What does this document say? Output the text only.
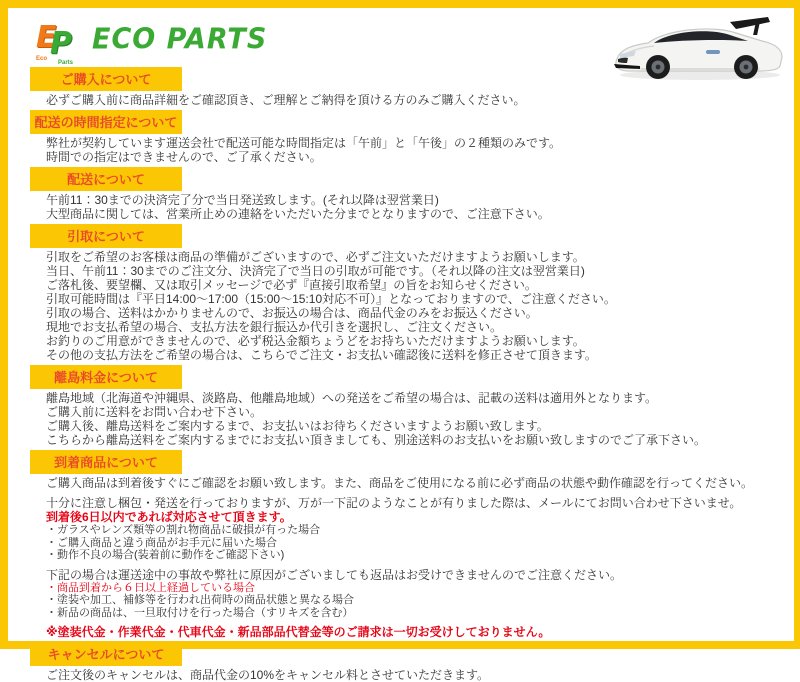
E
P
Eco
Parts
ECO PARTS
ご購入について

必ずご購入前に商品詳細をご確認頂き、ご理解とご納得を頂ける方のみご購入ください。

配送の時間指定について

弊社が契約しています運送会社で配送可能な時間指定は「午前」と「午後」の２種類のみです。

時間での指定はできませんので、ご了承ください。

配送について

午前11：30までの決済完了分で当日発送致します。(それ以降は翌営業日)

大型商品に関しては、営業所止めの連絡をいただいた分までとなりますので、ご注意下さい。

引取について

引取をご希望のお客様は商品の準備がございますので、必ずご注文いただけますようお願いします。

当日、午前11：30までのご注文分、決済完了で当日の引取が可能です。（それ以降の注文は翌営業日)

ご落札後、要望欄、又は取引メッセージで必ず『直接引取希望』の旨をお知らせください。

引取可能時間は『平日14:00～17:00（15:00～15:10対応不可）』となっておりますので、ご注意ください。

引取の場合、送料はかかりませんので、お振込の場合は、商品代金のみをお振込ください。

現地でお支払希望の場合、支払方法を銀行振込か代引きを選択し、ご注文ください。

お釣りのご用意ができませんので、必ず税込金額ちょうどをお持ちいただけますようお願いします。

その他の支払方法をご希望の場合は、こちらでご注文・お支払い確認後に送料を修正させて頂きます。

離島料金について

離島地域（北海道や沖縄県、淡路島、他離島地域）への発送をご希望の場合は、記載の送料は適用外となります。

ご購入前に送料をお問い合わせ下さい。

ご購入後、離島送料をご案内するまで、お支払いはお待ちくださいますようお願い致します。

こちらから離島送料をご案内するまでにお支払い頂きましても、別途送料のお支払いをお願い致しますのでご了承下さい。

到着商品について

ご購入商品は到着後すぐにご確認をお願い致します。また、商品をご使用になる前に必ず商品の状態や動作確認を行ってください。

十分に注意し梱包・発送を行っておりますが、万が一下記のようなことが有りました際は、メールにてお問い合わせ下さいませ。

到着後6日以内であれば対応させて頂きます。

・ガラスやレンズ類等の割れ物商品に破損が有った場合

・ご購入商品と違う商品がお手元に届いた場合

・動作不良の場合(装着前に動作をご確認下さい)

下記の場合は運送途中の事故や弊社に原因がございましても返品はお受けできませんのでご注意ください。

・商品到着から６日以上経過している場合

・塗装や加工、補修等を行われ出荷時の商品状態と異なる場合

・新品の商品は、一旦取付けを行った場合（すリキズを含む）

※塗装代金・作業代金・代車代金・新品部品代替金等のご請求は一切お受けしておりません。

キャンセルについて

ご注文後のキャンセルは、商品代金の10%をキャンセル料とさせていただきます。
